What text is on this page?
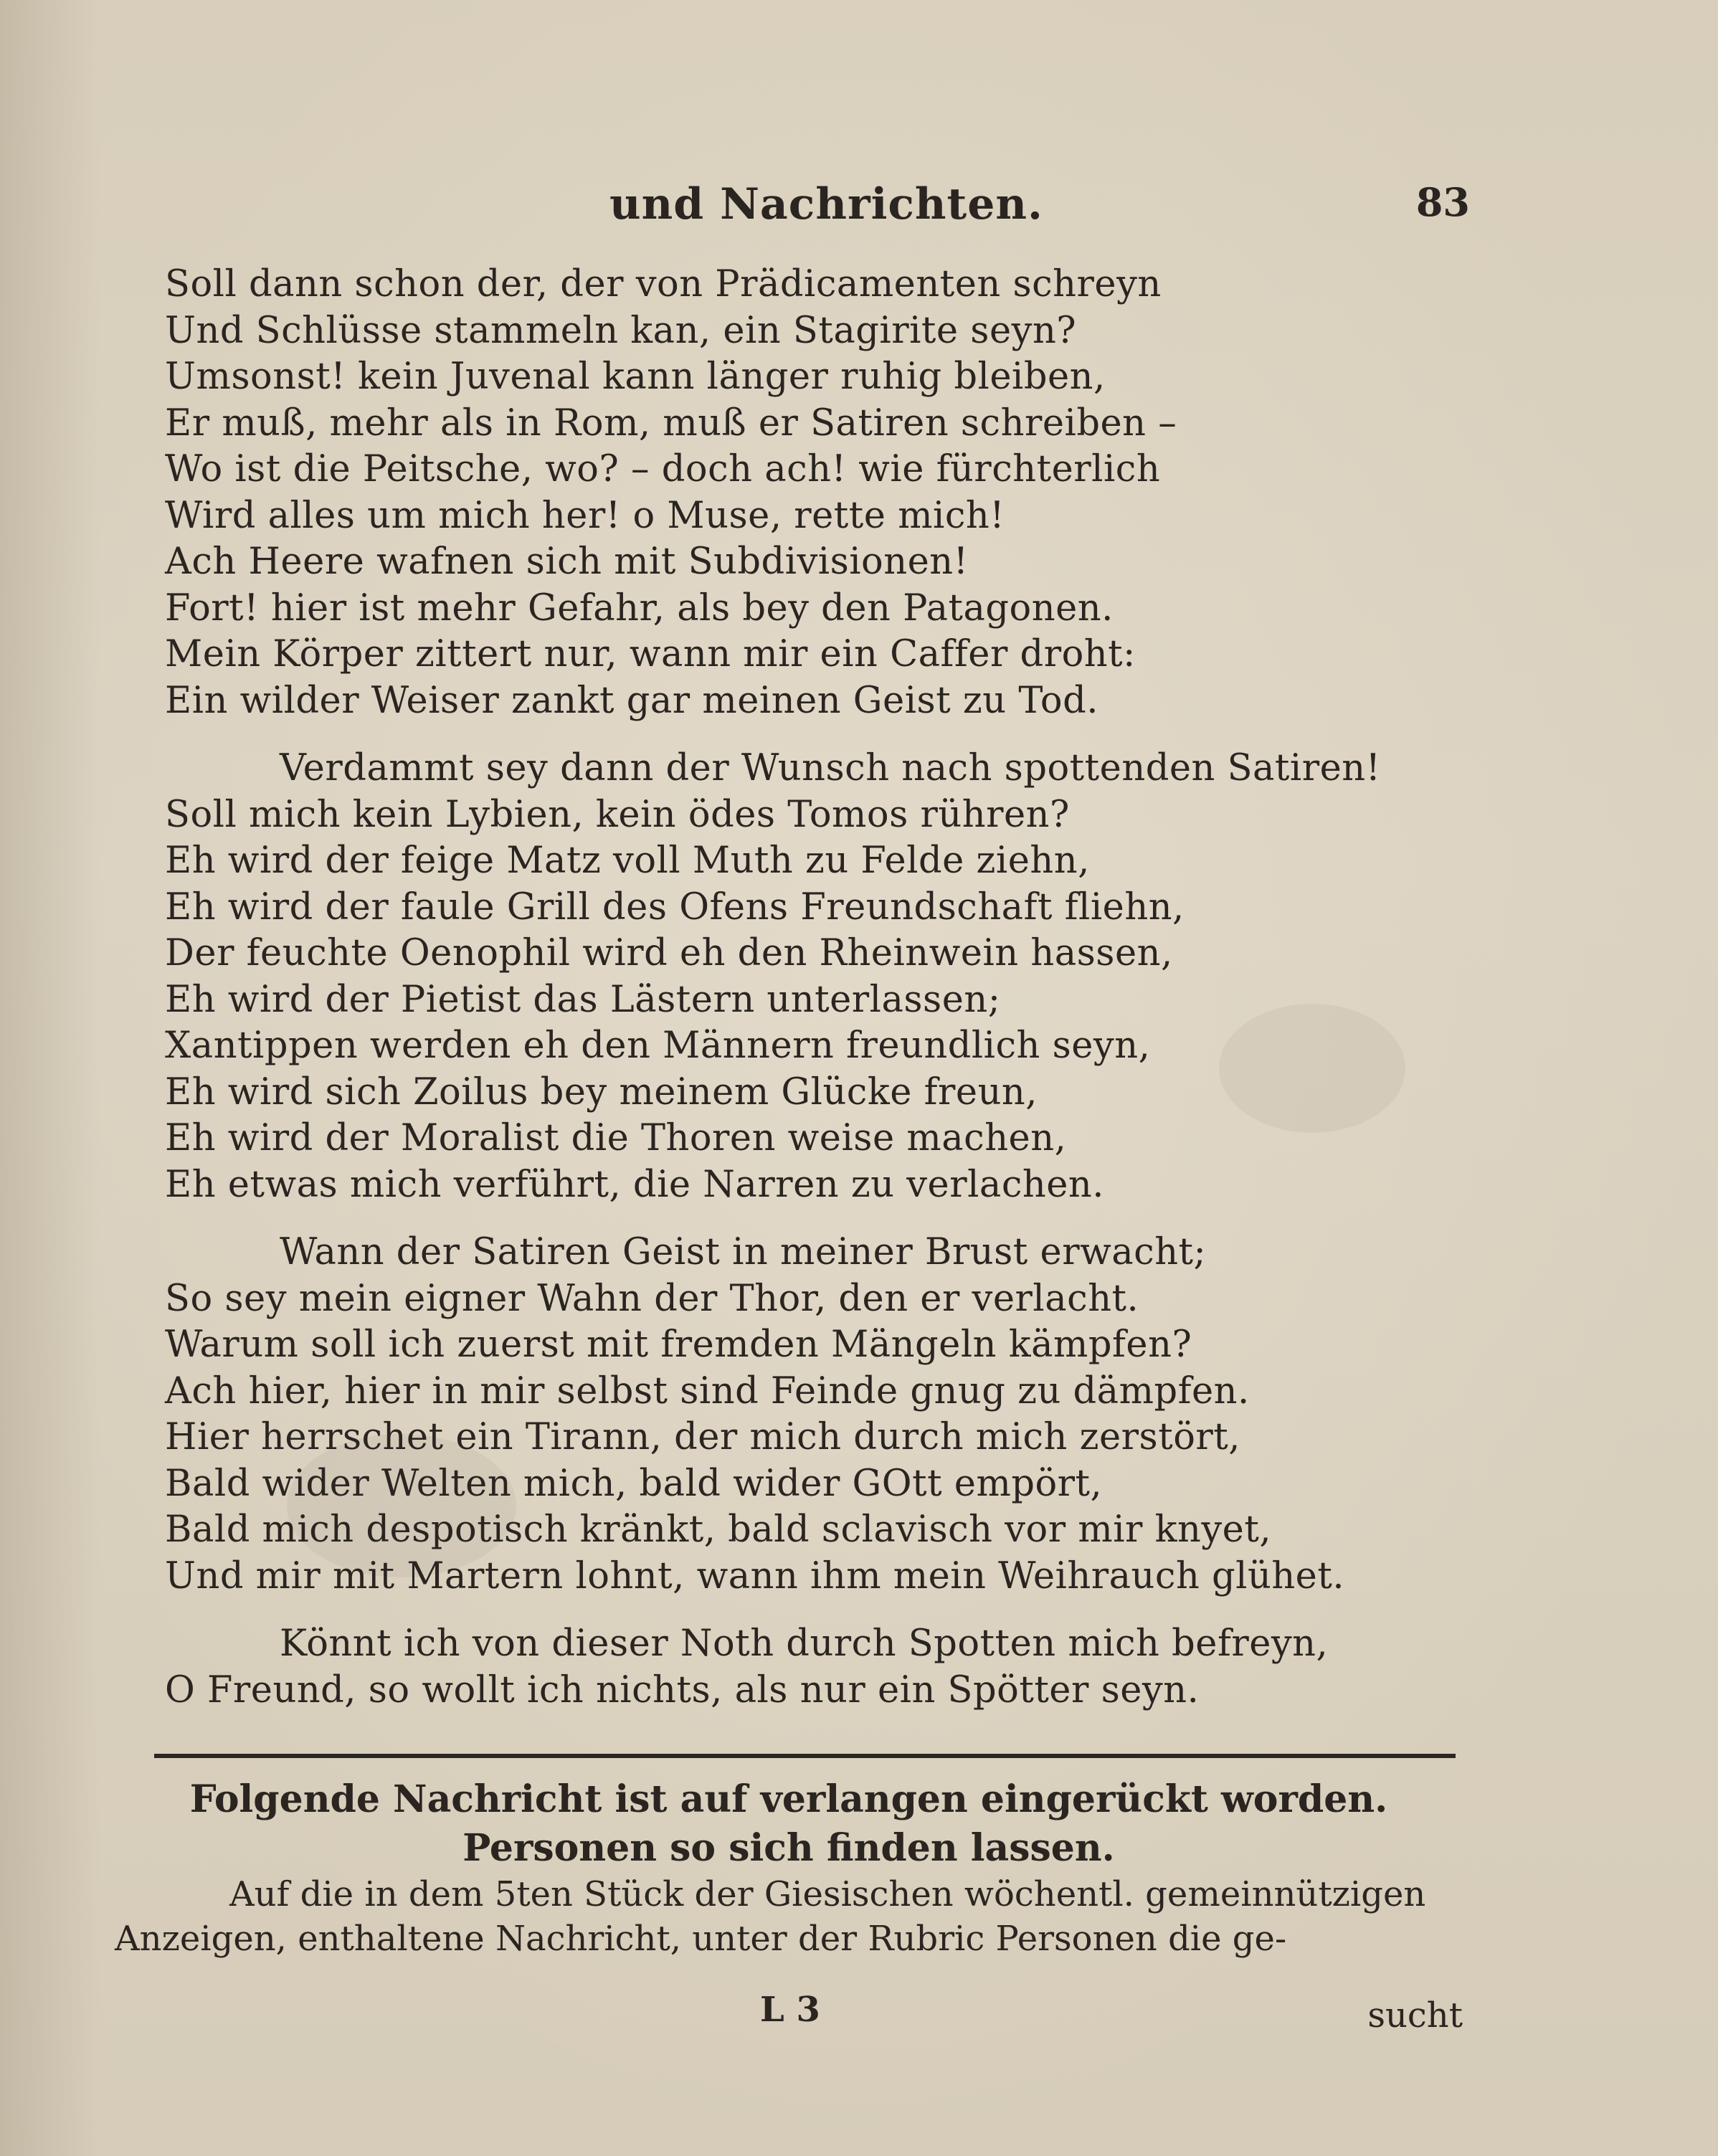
und Nachrichten.	83
Soll dann schon der, der von Prädicamenten schreyn
Und Schlüsse stammeln kan, ein Stagirite seyn?
Umsonst! kein Juvenal kann länger ruhig bleiben,
Er muß, mehr als in Rom, muß er Satiren schreiben –
Wo ist die Peitsche, wo? – doch ach! wie fürchterlich
Wird alles um mich her! o Muse, rette mich!
Ach Heere wafnen sich mit Subdivisionen!
Fort! hier ist mehr Gefahr, als bey den Patagonen.
Mein Körper zittert nur, wann mir ein Caffer droht:
Ein wilder Weiser zankt gar meinen Geist zu Tod.
Verdammt sey dann der Wunsch nach spottenden Satiren!
Soll mich kein Lybien, kein ödes Tomos rühren?
Eh wird der feige Matz voll Muth zu Felde ziehn,
Eh wird der faule Grill des Ofens Freundschaft fliehn,
Der feuchte Oenophil wird eh den Rheinwein hassen,
Eh wird der Pietist das Lästern unterlassen;
Xantippen werden eh den Männern freundlich seyn,
Eh wird sich Zoilus bey meinem Glücke freun,
Eh wird der Moralist die Thoren weise machen,
Eh etwas mich verführt, die Narren zu verlachen.
Wann der Satiren Geist in meiner Brust erwacht;
So sey mein eigner Wahn der Thor, den er verlacht.
Warum soll ich zuerst mit fremden Mängeln kämpfen?
Ach hier, hier in mir selbst sind Feinde gnug zu dämpfen.
Hier herrschet ein Tirann, der mich durch mich zerstört,
Bald wider Welten mich, bald wider GOtt empört,
Bald mich despotisch kränkt, bald sclavisch vor mir knyet,
Und mir mit Martern lohnt, wann ihm mein Weihrauch glühet.
Könnt ich von dieser Noth durch Spotten mich befreyn,
O Freund, so wollt ich nichts, als nur ein Spötter seyn.
Folgende Nachricht ist auf verlangen eingerückt worden.
Personen so sich finden lassen.
Auf die in dem 5ten Stück der Giesischen wöchentl. gemeinnützigen
Anzeigen, enthaltene Nachricht, unter der Rubric Personen die ge-
L 3	sucht
